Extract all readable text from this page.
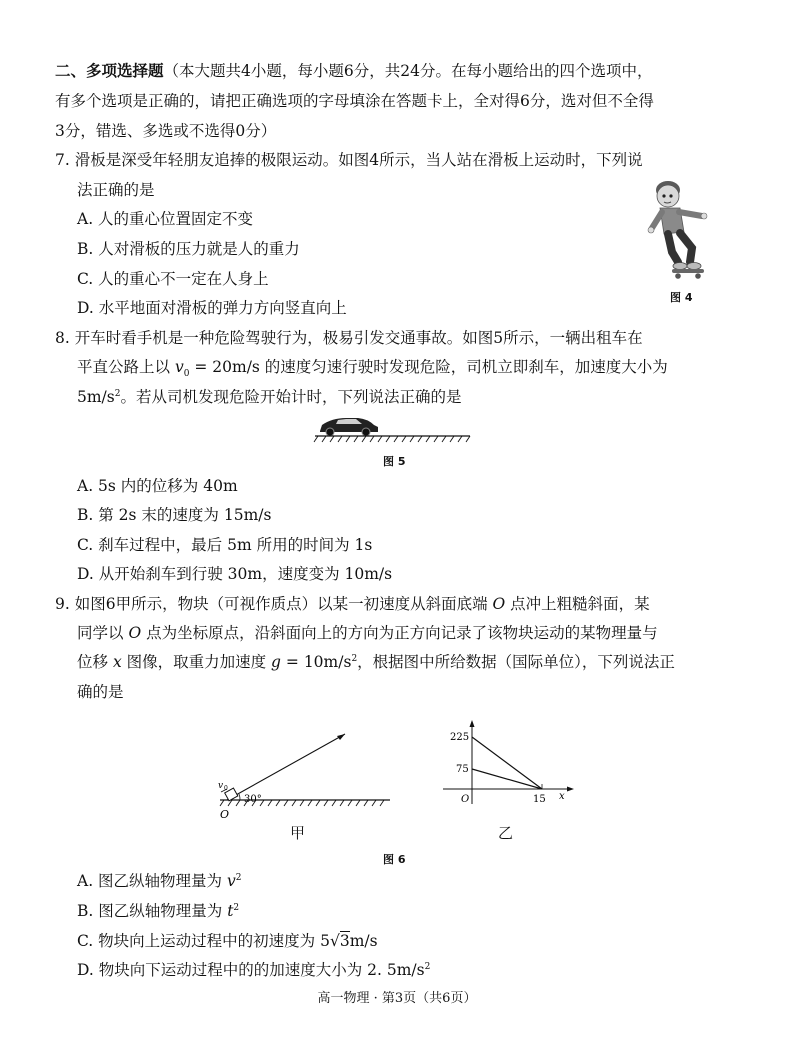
二、多项选择题（本大题共4小题，每小题6分，共24分。在每小题给出的四个选项中，
有多个选项是正确的，请把正确选项的字母填涂在答题卡上，全对得6分，选对但不全得
3分，错选、多选或不选得0分）
7. 滑板是深受年轻朋友追捧的极限运动。如图4所示，当人站在滑板上运动时，下列说
法正确的是
A. 人的重心位置固定不变
B. 人对滑板的压力就是人的重力
C. 人的重心不一定在人身上
D. 水平地面对滑板的弹力方向竖直向上
图 4
8. 开车时看手机是一种危险驾驶行为，极易引发交通事故。如图5所示，一辆出租车在
平直公路上以 $v_0 = 20m/s$ 的速度匀速行驶时发现危险，司机立即刹车，加速度大小为
$5m/s^2$。若从司机发现危险开始计时，下列说法正确的是
图 5
A. 5s 内的位移为 40m
B. 第 2s 末的速度为 15m/s
C. 刹车过程中，最后 5m 所用的时间为 1s
D. 从开始刹车到行驶 30m，速度变为 10m/s
9. 如图6甲所示，物块（可视作质点）以某一初速度从斜面底端 O 点冲上粗糙斜面，某
同学以 O 点为坐标原点，沿斜面向上的方向为正方向记录了该物块运动的某物理量与
位移 x 图像，取重力加速度 $g = 10m/s^2$，根据图中所给数据（国际单位），下列说法正
确的是
v 0
30°
O
甲
225
75
O	15 x
乙
图 6
A. 图乙纵轴物理量为 $v^2$
B. 图乙纵轴物理量为 $t^2$
C. 物块向上运动过程中的初速度为 5√3m/s
D. 物块向下运动过程中的的加速度大小为 2. $5m/s^2$
高一物理 · 第3页（共6页）
